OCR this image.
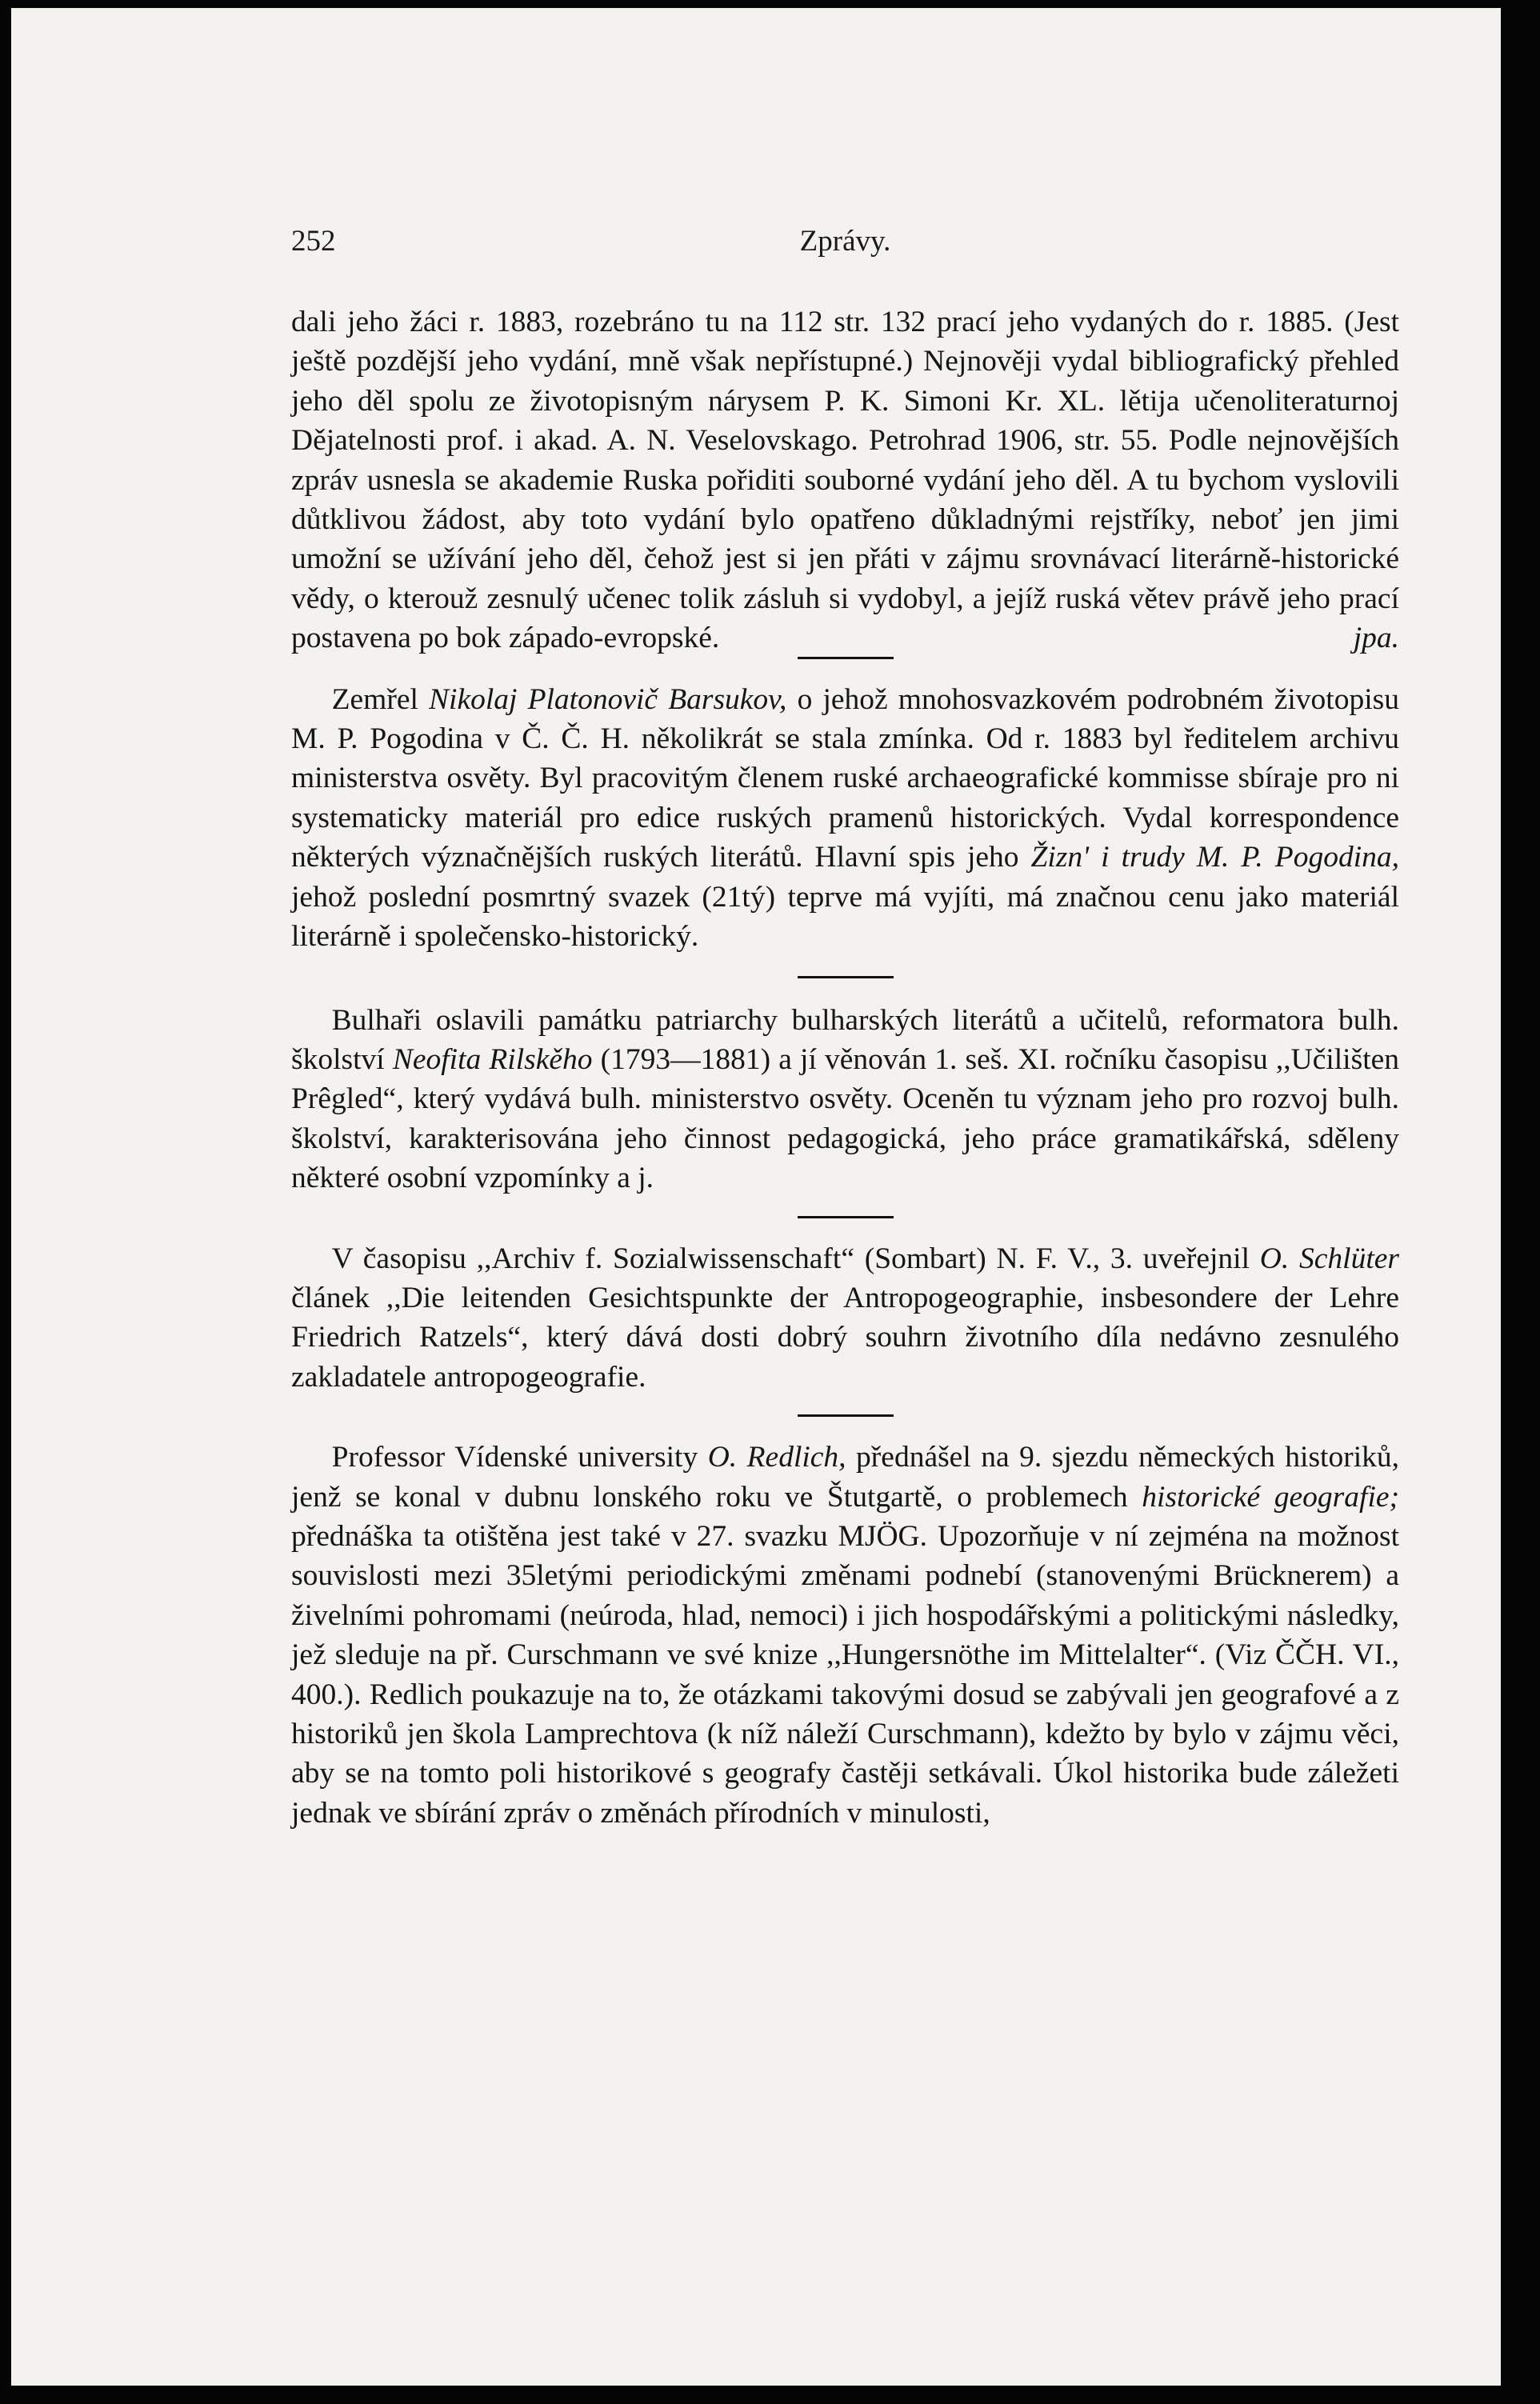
252	Zprávy.

dali jeho žáci r. 1883, rozebráno tu na 112 str. 132 prací jeho vydaných do r. 1885. (Jest ještě pozdější jeho vydání, mně však nepřístupné.) Nejnověji vydal bibliografický přehled jeho děl spolu ze životopisným nárysem P. K. Simoni Kr. XL. lětija učenoliteraturnoj Dějatelnosti prof. i akad. A. N. Veselovskago. Petrohrad 1906, str. 55. Podle nejnovějších zpráv usnesla se akademie Ruska pořiditi souborné vydání jeho děl. A tu bychom vyslovili důtklivou žádost, aby toto vydání bylo opatřeno důkladnými rejstříky, neboť jen jimi umožní se užívání jeho děl, čehož jest si jen přáti v zájmu srovnávací literárně-historické vědy, o kterouž zesnulý učenec tolik zásluh si vydobyl, a jejíž ruská větev právě jeho prací postavena po bok západo-evropské.	jpa.

Zemřel Nikolaj Platonovič Barsukov, o jehož mnohosvazkovém podrobném životopisu M. P. Pogodina v Č. Č. H. několikrát se stala zmínka. Od r. 1883 byl ředitelem archivu ministerstva osvěty. Byl pracovitým členem ruské archaeografické kommisse sbíraje pro ni systematicky materiál pro edice ruských pramenů historických. Vydal korrespondence některých význačnějších ruských literátů. Hlavní spis jeho Žizn' i trudy M. P. Pogodina, jehož poslední posmrtný svazek (21tý) teprve má vyjíti, má značnou cenu jako materiál literárně i společensko-historický.

Bulhaři oslavili památku patriarchy bulharských literátů a učitelů, reformatora bulh. školství Neofita Rilskěho (1793—1881) a jí věnován 1. seš. XI. ročníku časopisu ,,Učilišten Prêgled“, který vydává bulh. ministerstvo osvěty. Oceněn tu význam jeho pro rozvoj bulh. školství, karakterisována jeho činnost pedagogická, jeho práce gramatikářská, sděleny některé osobní vzpomínky a j.

V časopisu ,,Archiv f. Sozialwissenschaft“ (Sombart) N. F. V., 3. uveřejnil O. Schlüter článek ,,Die leitenden Gesichtspunkte der Antropogeographie, insbesondere der Lehre Friedrich Ratzels“, který dává dosti dobrý souhrn životního díla nedávno zesnulého zakladatele antropogeografie.

Professor Vídenské university O. Redlich, přednášel na 9. sjezdu německých historiků, jenž se konal v dubnu lonského roku ve Štutgartě, o problemech historické geografie; přednáška ta otištěna jest také v 27. svazku MJÖG. Upozorňuje v ní zejména na možnost souvislosti mezi 35letými periodickými změnami podnebí (stanovenými Brücknerem) a živelními pohromami (neúroda, hlad, nemoci) i jich hospodářskými a politickými následky, jež sleduje na př. Curschmann ve své knize ,,Hungersnöthe im Mittelalter“. (Viz ČČH. VI., 400.). Redlich poukazuje na to, že otázkami takovými dosud se zabývali jen geografové a z historiků jen škola Lamprechtova (k níž náleží Curschmann), kdežto by bylo v zájmu věci, aby se na tomto poli historikové s geografy častěji setkávali. Úkol historika bude záležeti jednak ve sbírání zpráv o změnách přírodních v minulosti,
